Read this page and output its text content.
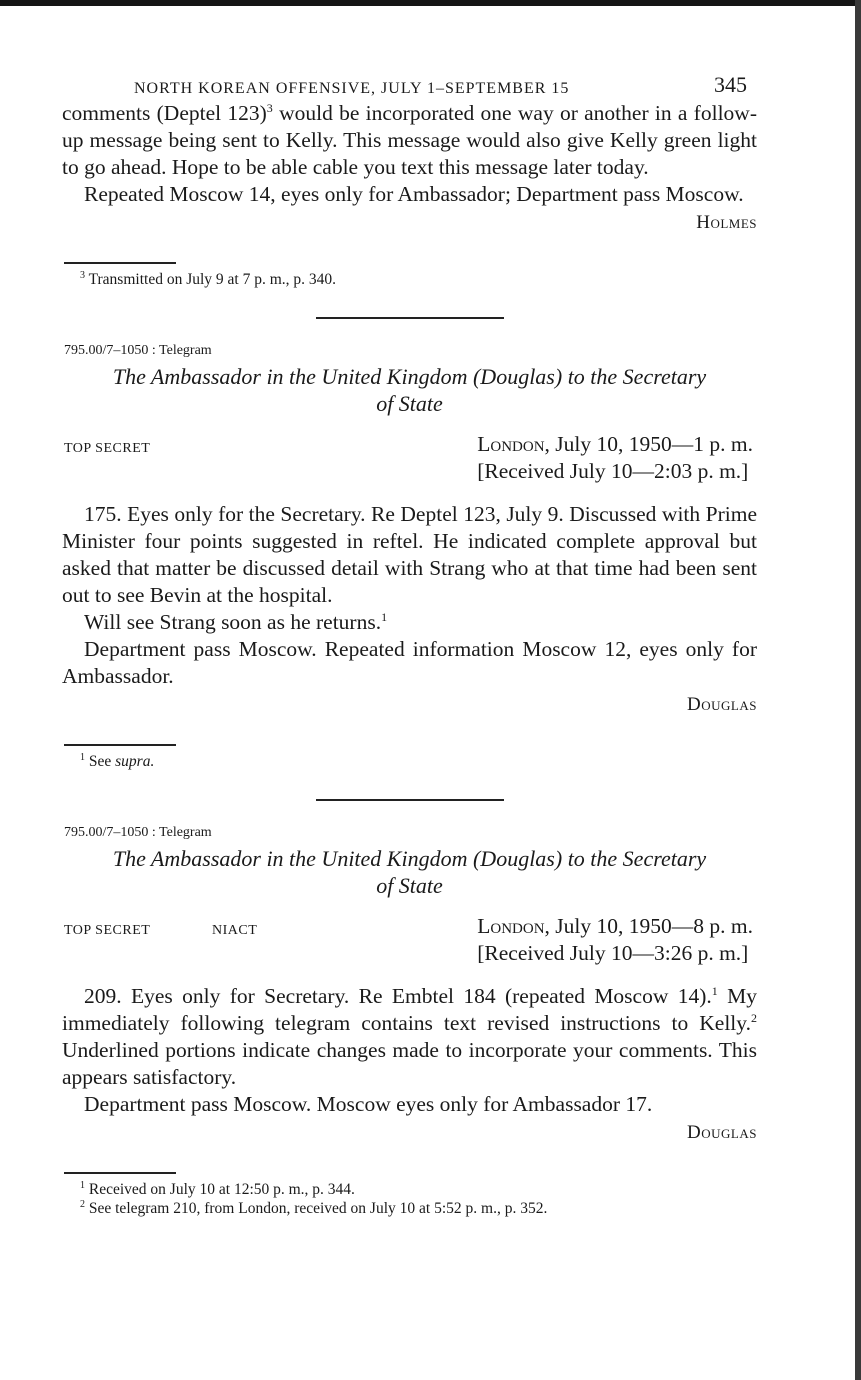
NORTH KOREAN OFFENSIVE, JULY 1–SEPTEMBER 15	345

comments (Deptel 123)$^3$ would be incorporated one way or another in a follow-up message being sent to Kelly. This message would also give Kelly green light to go ahead. Hope to be able cable you text this message later today.

Repeated Moscow 14, eyes only for Ambassador; Department pass Moscow.

Holmes

$^3$ Transmitted on July 9 at 7 p. m., p. 340.

795.00/7–1050 : Telegram

The Ambassador in the United Kingdom (Douglas) to the Secretary
of State

TOP SECRET	London, July 10, 1950—1 p. m.
[Received July 10—2:03 p. m.]

175. Eyes only for the Secretary. Re Deptel 123, July 9. Discussed with Prime Minister four points suggested in reftel. He indicated complete approval but asked that matter be discussed detail with Strang who at that time had been sent out to see Bevin at the hospital.

Will see Strang soon as he returns.$^1$

Department pass Moscow. Repeated information Moscow 12, eyes only for Ambassador.

Douglas

$^1$ See supra.

795.00/7–1050 : Telegram

The Ambassador in the United Kingdom (Douglas) to the Secretary
of State

TOP SECRET	NIACT	London, July 10, 1950—8 p. m.
[Received July 10—3:26 p. m.]

209. Eyes only for Secretary. Re Embtel 184 (repeated Moscow 14).$^1$ My immediately following telegram contains text revised instructions to Kelly.$^2$ Underlined portions indicate changes made to incorporate your comments. This appears satisfactory.

Department pass Moscow. Moscow eyes only for Ambassador 17.

Douglas

$^1$ Received on July 10 at 12:50 p. m., p. 344.

$^2$ See telegram 210, from London, received on July 10 at 5:52 p. m., p. 352.
